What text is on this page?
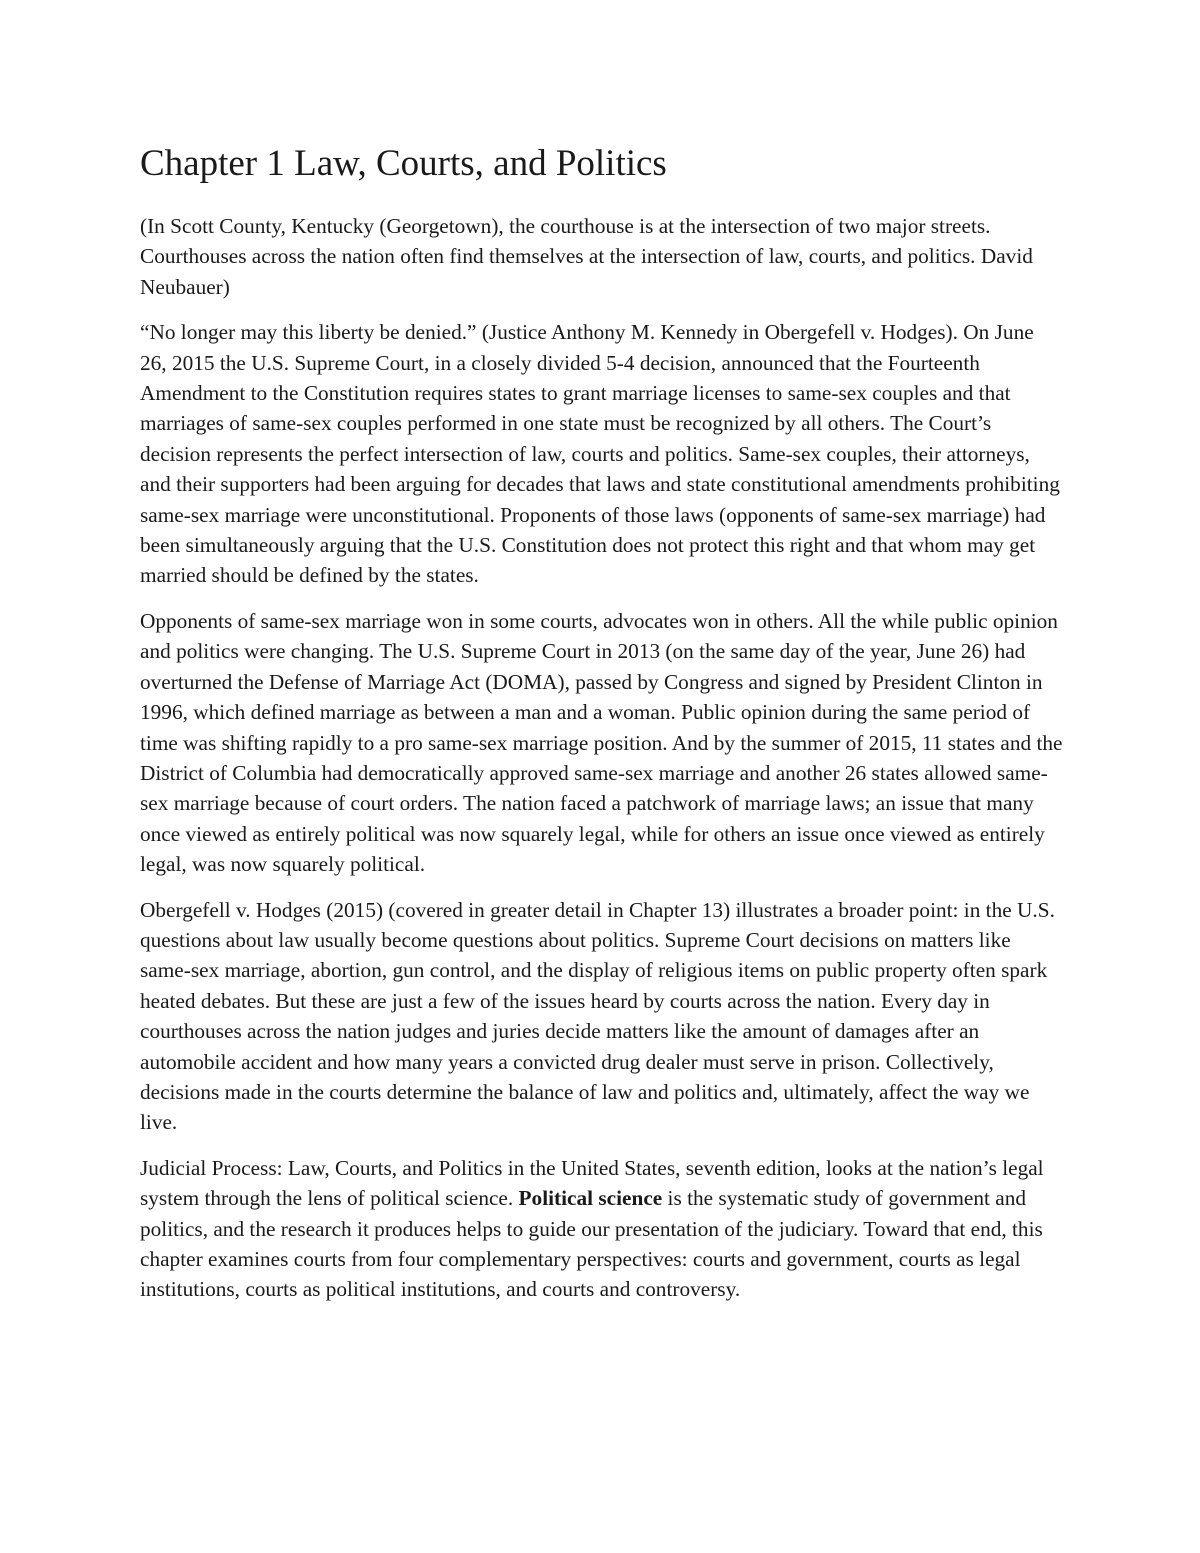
Chapter 1 Law, Courts, and Politics

(In Scott County, Kentucky (Georgetown), the courthouse is at the intersection of two major streets. Courthouses across the nation often find themselves at the intersection of law, courts, and politics. David Neubauer)

“No longer may this liberty be denied.” (Justice Anthony M. Kennedy in Obergefell v. Hodges). On June 26, 2015 the U.S. Supreme Court, in a closely divided 5-4 decision, announced that the Fourteenth Amendment to the Constitution requires states to grant marriage licenses to same-sex couples and that marriages of same-sex couples performed in one state must be recognized by all others. The Court’s decision represents the perfect intersection of law, courts and politics. Same-sex couples, their attorneys, and their supporters had been arguing for decades that laws and state constitutional amendments prohibiting same-sex marriage were unconstitutional. Proponents of those laws (opponents of same-sex marriage) had been simultaneously arguing that the U.S. Constitution does not protect this right and that whom may get married should be defined by the states.

Opponents of same-sex marriage won in some courts, advocates won in others. All the while public opinion and politics were changing. The U.S. Supreme Court in 2013 (on the same day of the year, June 26) had overturned the Defense of Marriage Act (DOMA), passed by Congress and signed by President Clinton in 1996, which defined marriage as between a man and a woman. Public opinion during the same period of time was shifting rapidly to a pro same-sex marriage position. And by the summer of 2015, 11 states and the District of Columbia had democratically approved same-sex marriage and another 26 states allowed same-sex marriage because of court orders. The nation faced a patchwork of marriage laws; an issue that many once viewed as entirely political was now squarely legal, while for others an issue once viewed as entirely legal, was now squarely political.

Obergefell v. Hodges (2015) (covered in greater detail in Chapter 13) illustrates a broader point: in the U.S. questions about law usually become questions about politics. Supreme Court decisions on matters like same-sex marriage, abortion, gun control, and the display of religious items on public property often spark heated debates. But these are just a few of the issues heard by courts across the nation. Every day in courthouses across the nation judges and juries decide matters like the amount of damages after an automobile accident and how many years a convicted drug dealer must serve in prison. Collectively, decisions made in the courts determine the balance of law and politics and, ultimately, affect the way we live.

Judicial Process: Law, Courts, and Politics in the United States, seventh edition, looks at the nation’s legal system through the lens of political science. Political science is the systematic study of government and politics, and the research it produces helps to guide our presentation of the judiciary. Toward that end, this chapter examines courts from four complementary perspectives: courts and government, courts as legal institutions, courts as political institutions, and courts and controversy.
